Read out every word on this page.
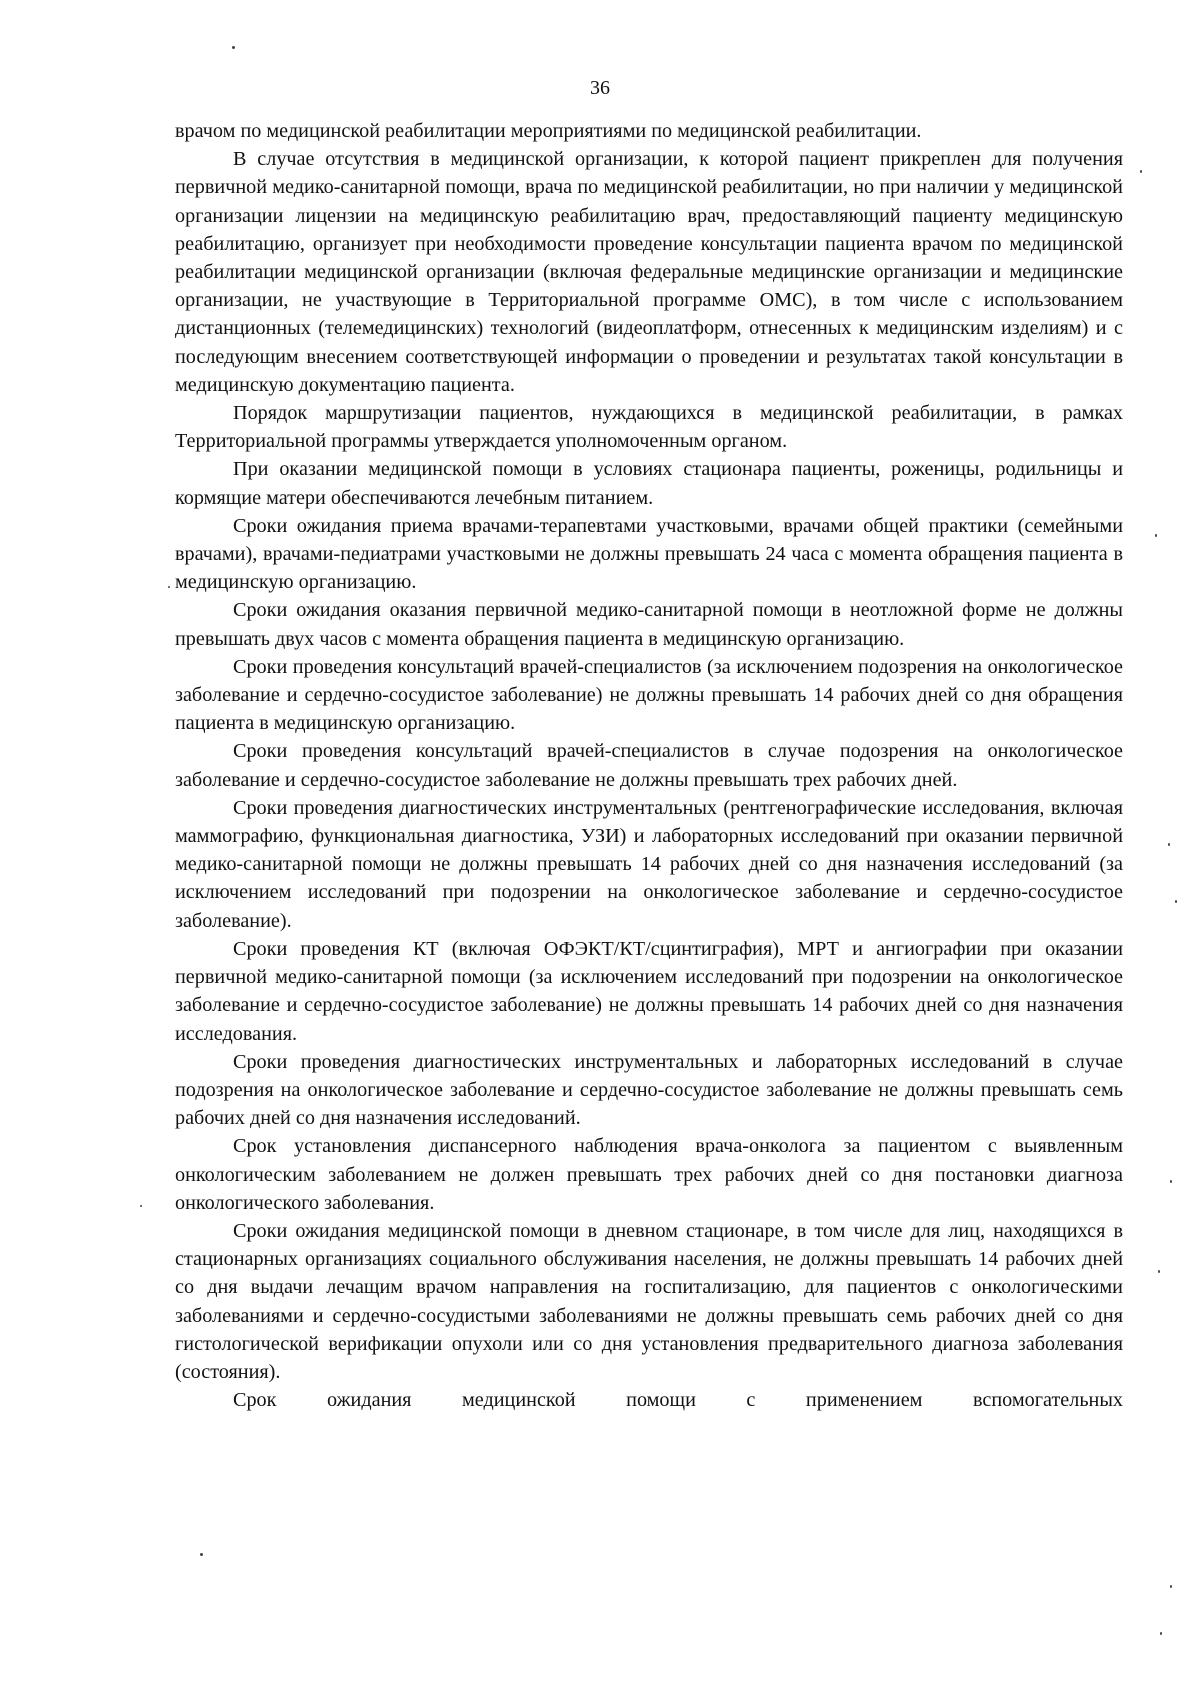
36

врачом по медицинской реабилитации мероприятиями по медицинской реабилитации.

В случае отсутствия в медицинской организации, к которой пациент прикреплен для получения первичной медико-санитарной помощи, врача по медицинской реабилитации, но при наличии у медицинской организации лицензии на медицинскую реабилитацию врач, предоставляющий пациенту медицинскую реабилитацию, организует при необходимости проведение консультации пациента врачом по медицинской реабилитации медицинской организации (включая федеральные медицинские организации и медицинские организации, не участвующие в Территориальной программе ОМС), в том числе с использованием дистанционных (телемедицинских) технологий (видеоплатформ, отнесенных к медицинским изделиям) и с последующим внесением соответствующей информации о проведении и результатах такой консультации в медицинскую документацию пациента.

Порядок маршрутизации пациентов, нуждающихся в медицинской реабилитации, в рамках Территориальной программы утверждается уполномоченным органом.

При оказании медицинской помощи в условиях стационара пациенты, роженицы, родильницы и кормящие матери обеспечиваются лечебным питанием.

Сроки ожидания приема врачами-терапевтами участковыми, врачами общей практики (семейными врачами), врачами-педиатрами участковыми не должны превышать 24 часа с момента обращения пациента в медицинскую организацию.

Сроки ожидания оказания первичной медико-санитарной помощи в неотложной форме не должны превышать двух часов с момента обращения пациента в медицинскую организацию.

Сроки проведения консультаций врачей-специалистов (за исключением подозрения на онкологическое заболевание и сердечно-сосудистое заболевание) не должны превышать 14 рабочих дней со дня обращения пациента в медицинскую организацию.

Сроки проведения консультаций врачей-специалистов в случае подозрения на онкологическое заболевание и сердечно-сосудистое заболевание не должны превышать трех рабочих дней.

Сроки проведения диагностических инструментальных (рентгенографические исследования, включая маммографию, функциональная диагностика, УЗИ) и лабораторных исследований при оказании первичной медико-санитарной помощи не должны превышать 14 рабочих дней со дня назначения исследований (за исключением исследований при подозрении на онкологическое заболевание и сердечно-сосудистое заболевание).

Сроки проведения КТ (включая ОФЭКТ/КТ/сцинтиграфия), МРТ и ангиографии при оказании первичной медико-санитарной помощи (за исключением исследований при подозрении на онкологическое заболевание и сердечно-сосудистое заболевание) не должны превышать 14 рабочих дней со дня назначения исследования.

Сроки проведения диагностических инструментальных и лабораторных исследований в случае подозрения на онкологическое заболевание и сердечно-сосудистое заболевание не должны превышать семь рабочих дней со дня назначения исследований.

Срок установления диспансерного наблюдения врача-онколога за пациентом с выявленным онкологическим заболеванием не должен превышать трех рабочих дней со дня постановки диагноза онкологического заболевания.

Сроки ожидания медицинской помощи в дневном стационаре, в том числе для лиц, находящихся в стационарных организациях социального обслуживания населения, не должны превышать 14 рабочих дней со дня выдачи лечащим врачом направления на госпитализацию, для пациентов с онкологическими заболеваниями и сердечно-сосудистыми заболеваниями не должны превышать семь рабочих дней со дня гистологической верификации опухоли или со дня установления предварительного диагноза заболевания (состояния).

Срок ожидания медицинской помощи с применением вспомогательных
